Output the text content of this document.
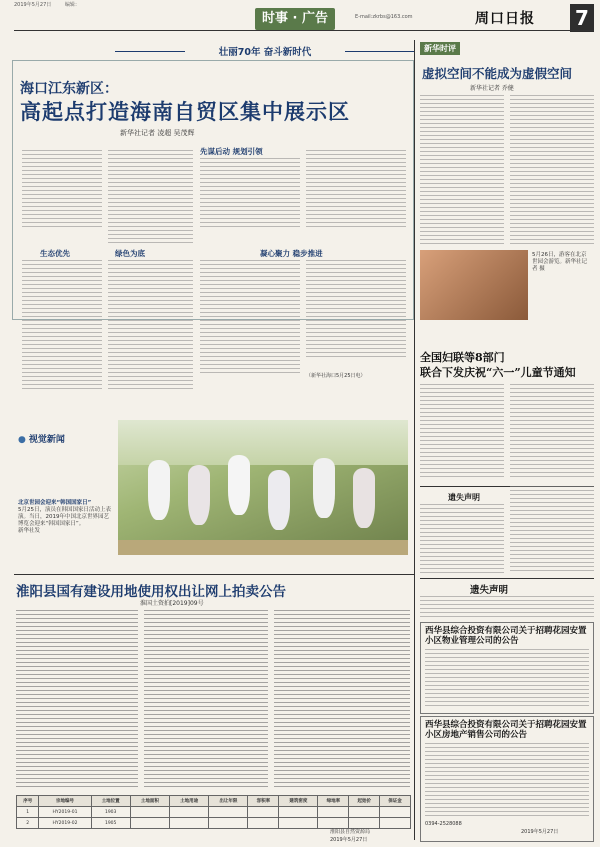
2019年5月27日	编辑：
时事 · 广告	E-mail:zkrbs@163.com	周口日报	7
壮丽70年 奋斗新时代
海口江东新区：
高起点打造海南自贸区集中展示区
新华社记者 凌超 吴茂辉
先谋后动 规划引领
生态优先	绿色为底	凝心聚力 稳步推进
（新华社海口5月25日电）
● 视觉新闻
北京世园会迎来“韩国国家日”
5月25日，演员在韩国国家日活动上表演。当日，2019年中国北京世界园艺博览会迎来“韩国国家日”。
新华社发
淮阳县国有建设用地使用权出让网上拍卖公告
淮国土资拍[2019]09号
序号	宗地编号	土地位置	土地面积	土地用途	出让年限	容积率	建筑密度	绿地率	起始价	保证金
1	HY2019-01	1903								
2	HY2019-02	1905								
淮阳县自然资源局
2019年5月27日
新华时评
虚拟空间不能成为虚假空间
新华社记者 乔健
5月26日，游客在北京世园会游览。新华社记者 摄
全国妇联等8部门
联合下发庆祝“六一”儿童节通知
遗失声明
遗失声明
西华县综合投资有限公司关于招聘花园安置小区物业管理公司的公告
西华县综合投资有限公司关于招聘花园安置小区房地产销售公司的公告
0394-2528088
2019年5月27日
